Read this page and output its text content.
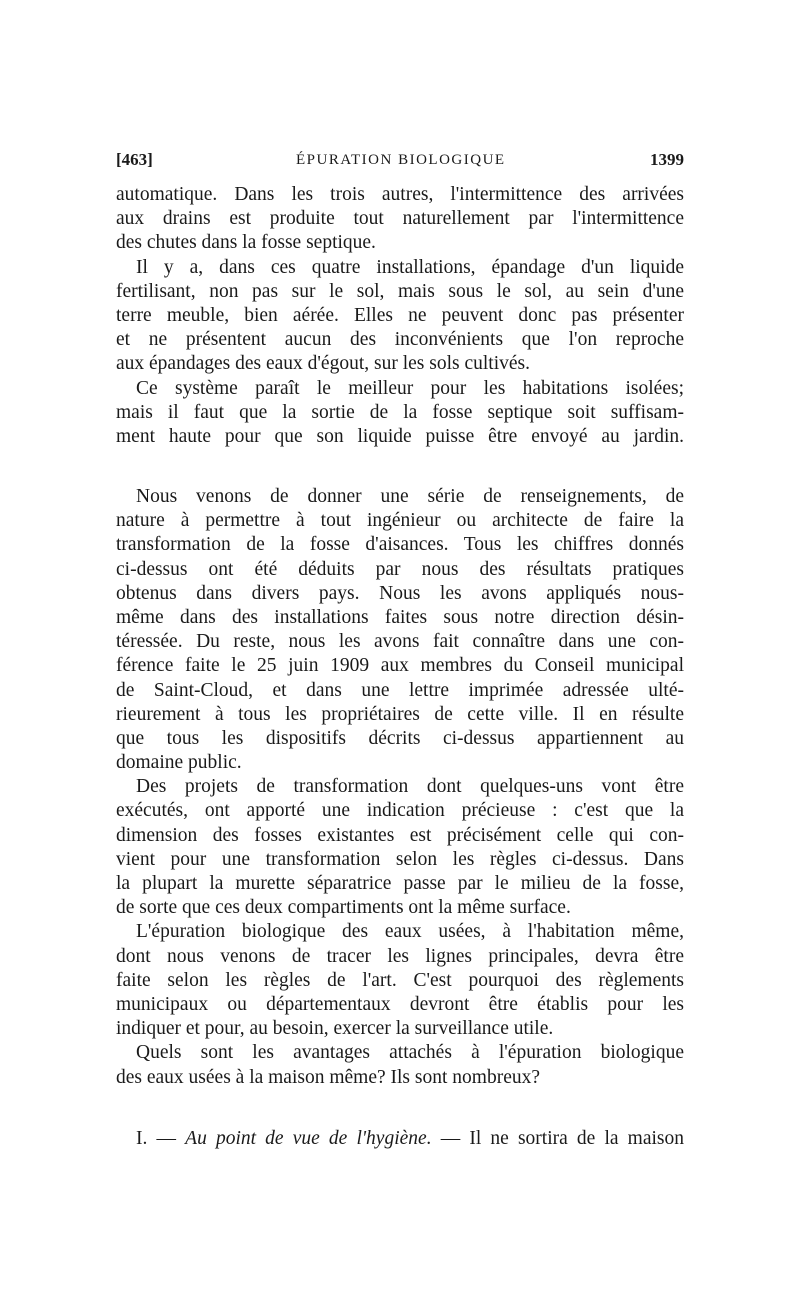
[463]	ÉPURATION BIOLOGIQUE	1399
automatique. Dans les trois autres, l'intermittence des arrivées
aux drains est produite tout naturellement par l'intermittence
des chutes dans la fosse septique.
Il y a, dans ces quatre installations, épandage d'un liquide
fertilisant, non pas sur le sol, mais sous le sol, au sein d'une
terre meuble, bien aérée. Elles ne peuvent donc pas présenter
et ne présentent aucun des inconvénients que l'on reproche
aux épandages des eaux d'égout, sur les sols cultivés.
Ce système paraît le meilleur pour les habitations isolées;
mais il faut que la sortie de la fosse septique soit suffisam-
ment haute pour que son liquide puisse être envoyé au jardin.
Nous venons de donner une série de renseignements, de
nature à permettre à tout ingénieur ou architecte de faire la
transformation de la fosse d'aisances. Tous les chiffres donnés
ci-dessus ont été déduits par nous des résultats pratiques
obtenus dans divers pays. Nous les avons appliqués nous-
même dans des installations faites sous notre direction désin-
téressée. Du reste, nous les avons fait connaître dans une con-
férence faite le 25 juin 1909 aux membres du Conseil municipal
de Saint-Cloud, et dans une lettre imprimée adressée ulté-
rieurement à tous les propriétaires de cette ville. Il en résulte
que tous les dispositifs décrits ci-dessus appartiennent au
domaine public.
Des projets de transformation dont quelques-uns vont être
exécutés, ont apporté une indication précieuse : c'est que la
dimension des fosses existantes est précisément celle qui con-
vient pour une transformation selon les règles ci-dessus. Dans
la plupart la murette séparatrice passe par le milieu de la fosse,
de sorte que ces deux compartiments ont la même surface.
L'épuration biologique des eaux usées, à l'habitation même,
dont nous venons de tracer les lignes principales, devra être
faite selon les règles de l'art. C'est pourquoi des règlements
municipaux ou départementaux devront être établis pour les
indiquer et pour, au besoin, exercer la surveillance utile.
Quels sont les avantages attachés à l'épuration biologique
des eaux usées à la maison même? Ils sont nombreux?
I. — Au point de vue de l'hygiène. — Il ne sortira de la maison
